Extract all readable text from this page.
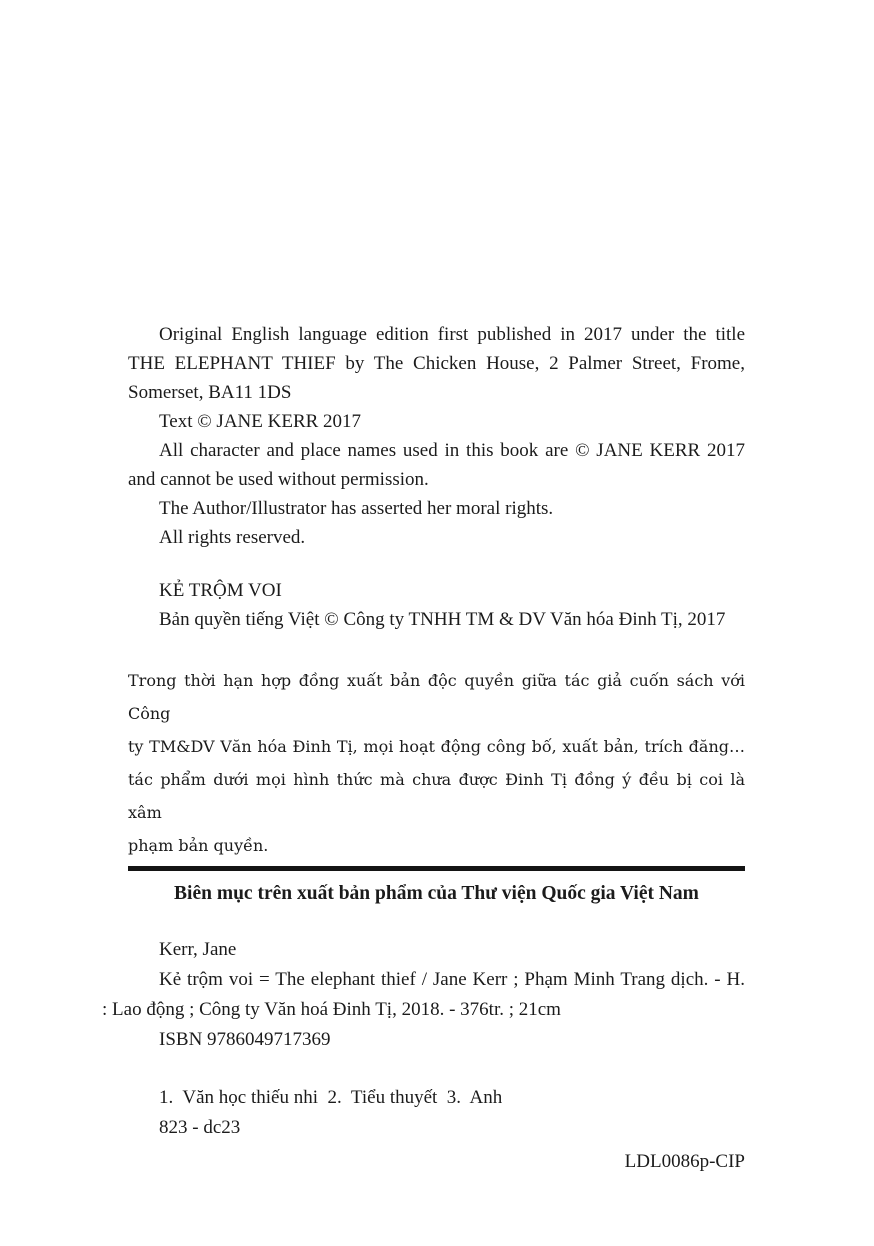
Original English language edition first published in 2017 under the title
THE ELEPHANT THIEF by The Chicken House, 2 Palmer Street, Frome,
Somerset, BA11 1DS
Text © JANE KERR 2017
All character and place names used in this book are © JANE KERR 2017
and cannot be used without permission.
The Author/Illustrator has asserted her moral rights.
All rights reserved.
KẺ TRỘM VOI
Bản quyền tiếng Việt © Công ty TNHH TM & DV Văn hóa Đinh Tị, 2017
Trong thời hạn hợp đồng xuất bản độc quyền giữa tác giả cuốn sách với Công
ty TM&DV Văn hóa Đinh Tị, mọi hoạt động công bố, xuất bản, trích đăng…
tác phẩm dưới mọi hình thức mà chưa được Đinh Tị đồng ý đều bị coi là xâm
phạm bản quyền.
Biên mục trên xuất bản phẩm của Thư viện Quốc gia Việt Nam
Kerr, Jane
Kẻ trộm voi = The elephant thief / Jane Kerr ; Phạm Minh Trang dịch. - H.
: Lao động ; Công ty Văn hoá Đinh Tị, 2018. - 376tr. ; 21cm
ISBN 9786049717369
1.  Văn học thiếu nhi  2.  Tiểu thuyết  3.  Anh
823 - dc23
LDL0086p-CIP
